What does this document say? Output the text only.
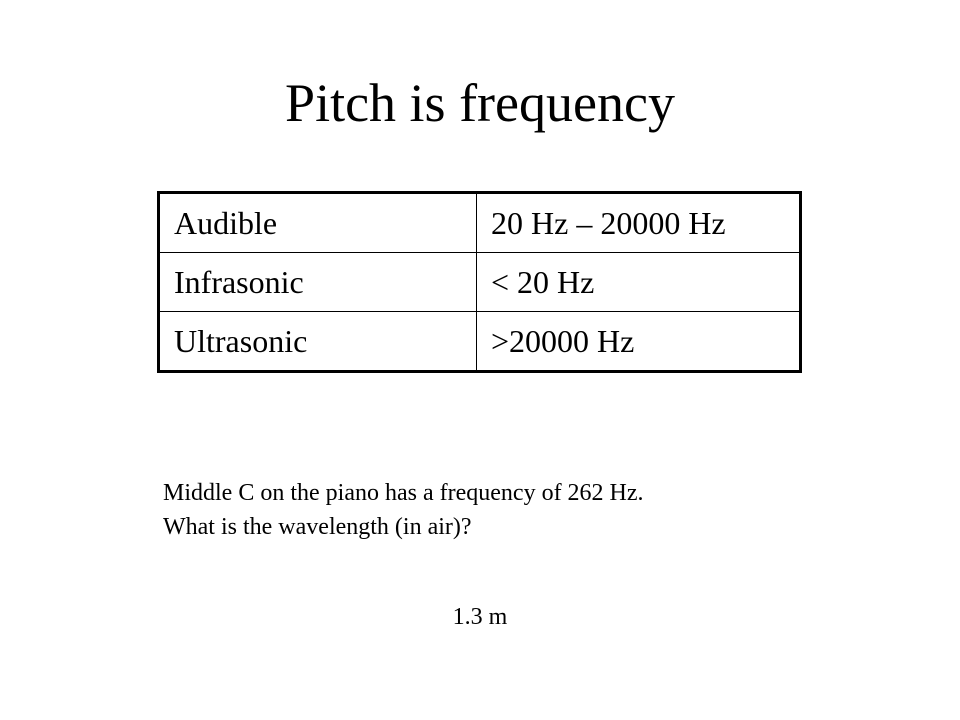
Pitch is frequency
Audible	20 Hz – 20000 Hz
Infrasonic	< 20 Hz
Ultrasonic	>20000 Hz

Middle C on the piano has a frequency of 262 Hz.
What is the wavelength (in air)?

1.3 m
